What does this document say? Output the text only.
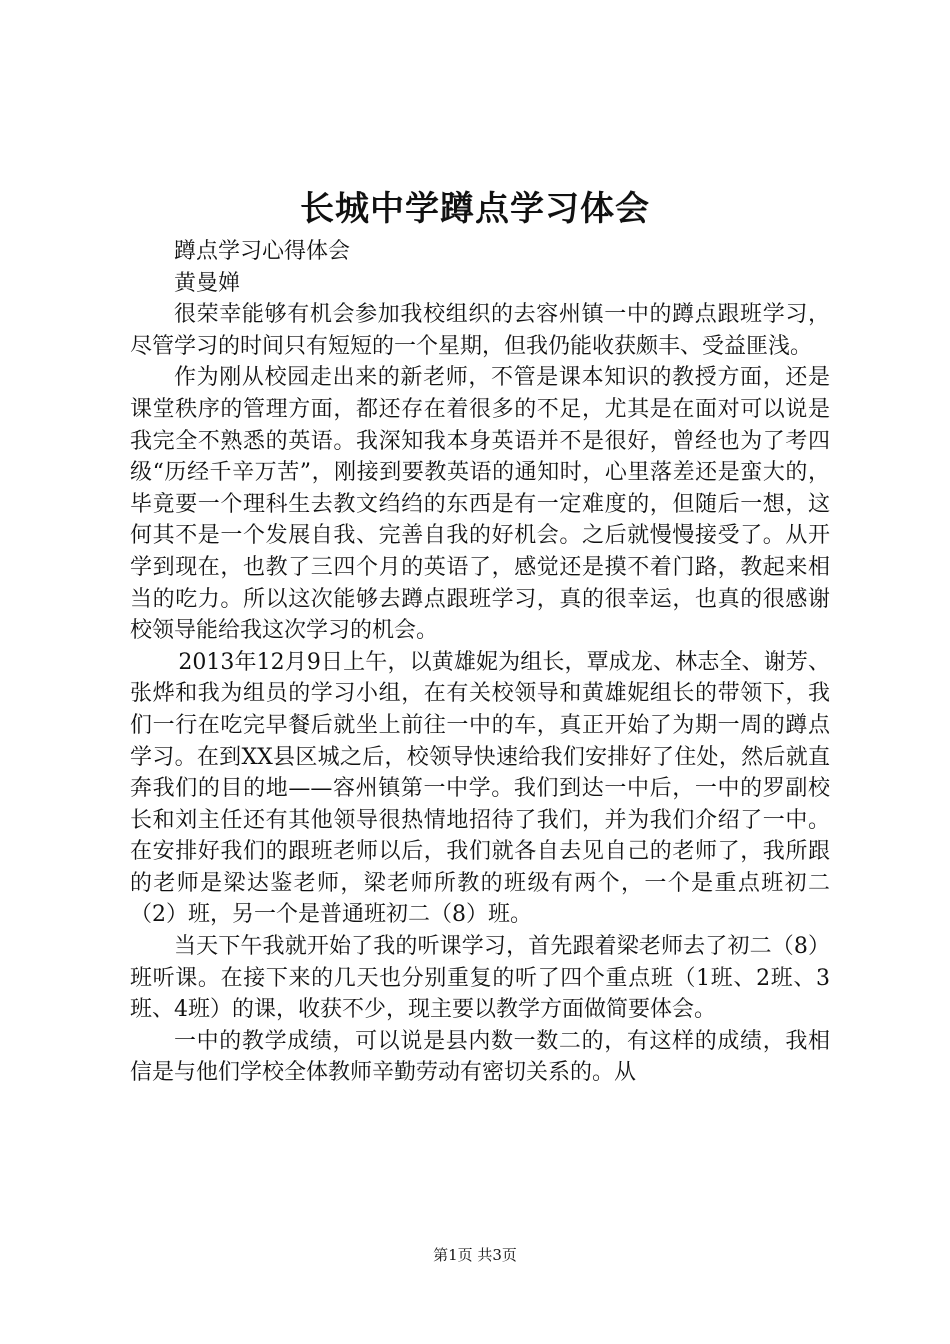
长城中学蹲点学习体会

蹲点学习心得体会

黄曼婵

很荣幸能够有机会参加我校组织的去容州镇一中的蹲点跟班学习，尽管学习的时间只有短短的一个星期，但我仍能收获颇丰、受益匪浅。

作为刚从校园走出来的新老师，不管是课本知识的教授方面，还是课堂秩序的管理方面，都还存在着很多的不足，尤其是在面对可以说是我完全不熟悉的英语。我深知我本身英语并不是很好，曾经也为了考四级“历经千辛万苦”，刚接到要教英语的通知时，心里落差还是蛮大的，毕竟要一个理科生去教文绉绉的东西是有一定难度的，但随后一想，这何其不是一个发展自我、完善自我的好机会。之后就慢慢接受了。从开学到现在，也教了三四个月的英语了，感觉还是摸不着门路，教起来相当的吃力。所以这次能够去蹲点跟班学习，真的很幸运，也真的很感谢校领导能给我这次学习的机会。

2013年12月9日上午，以黄雄妮为组长，覃成龙、林志全、谢芳、张烨和我为组员的学习小组，在有关校领导和黄雄妮组长的带领下，我们一行在吃完早餐后就坐上前往一中的车，真正开始了为期一周的蹲点学习。在到XX县区城之后，校领导快速给我们安排好了住处，然后就直奔我们的目的地——容州镇第一中学。我们到达一中后，一中的罗副校长和刘主任还有其他领导很热情地招待了我们，并为我们介绍了一中。在安排好我们的跟班老师以后，我们就各自去见自己的老师了，我所跟的老师是梁达鉴老师，梁老师所教的班级有两个，一个是重点班初二（2）班，另一个是普通班初二（8）班。

当天下午我就开始了我的听课学习，首先跟着梁老师去了初二（8）班听课。在接下来的几天也分别重复的听了四个重点班（1班、2班、3班、4班）的课，收获不少，现主要以教学方面做简要体会。

一中的教学成绩，可以说是县内数一数二的，有这样的成绩，我相信是与他们学校全体教师辛勤劳动有密切关系的。从

第1页 共3页
